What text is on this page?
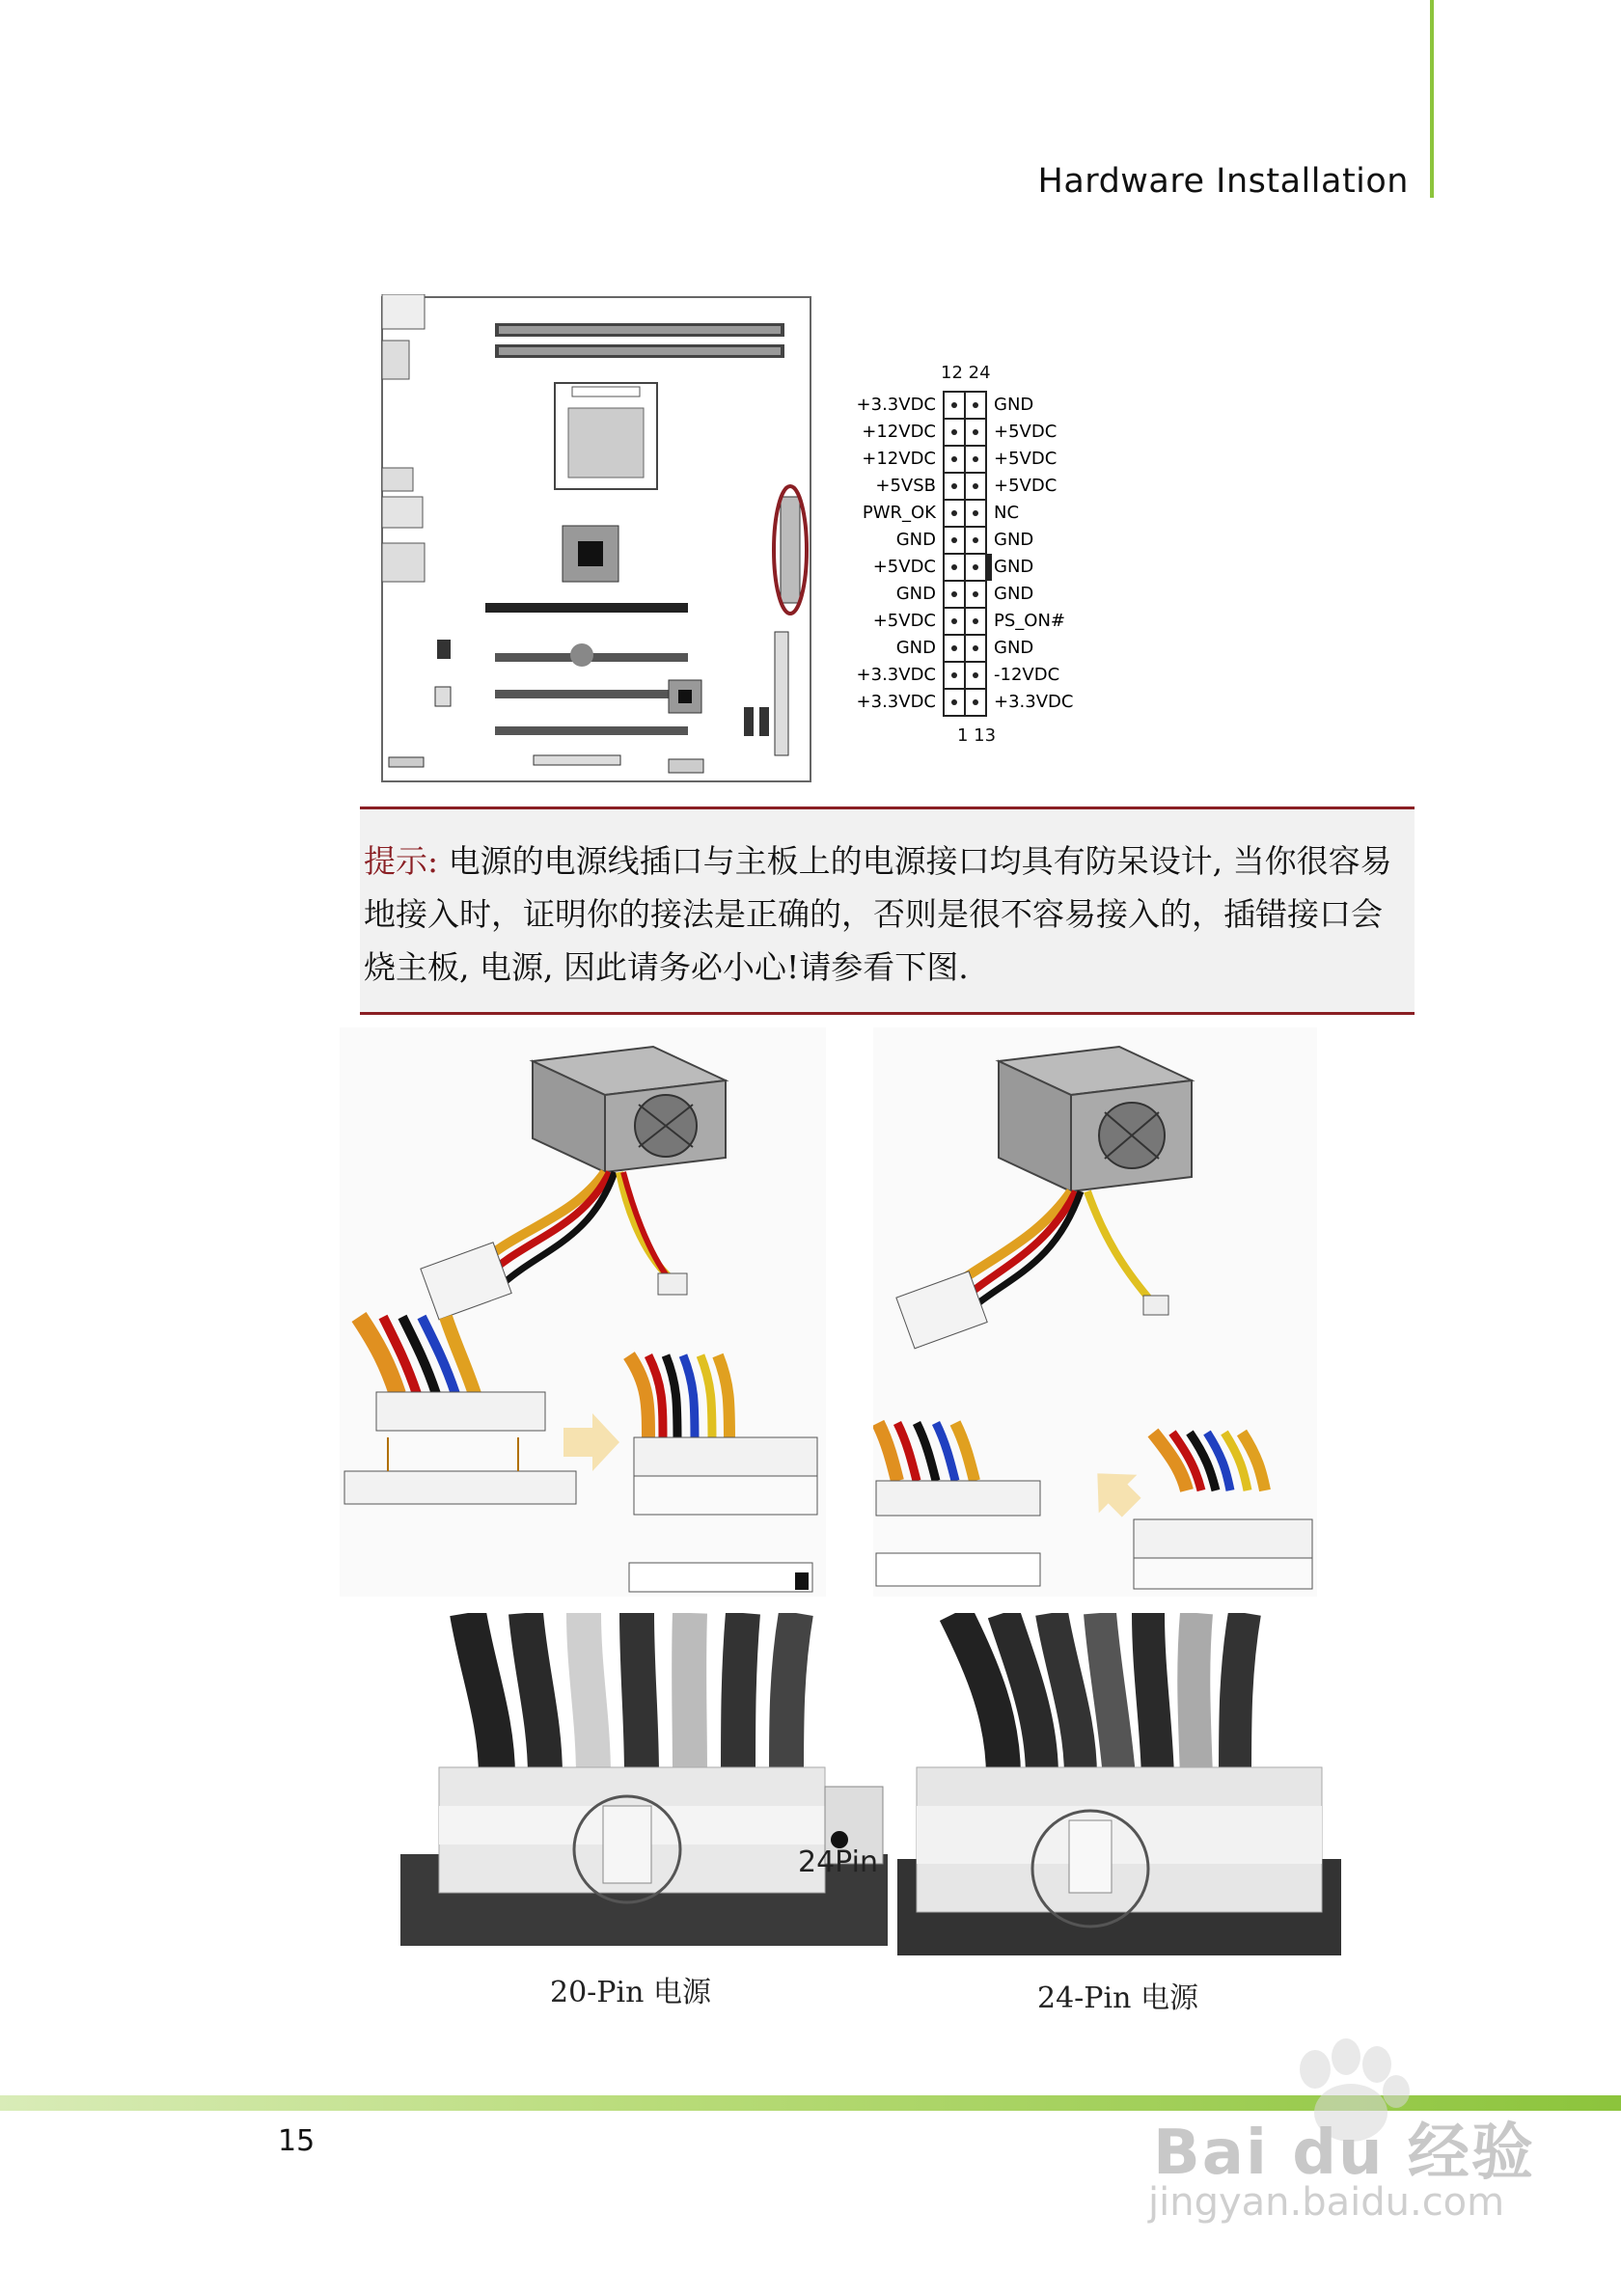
Hardware Installation
12 24
+3.3VDC	GND
+12VDC	+5VDC
+12VDC	+5VDC
+5VSB	+5VDC
PWR_OK	NC
GND	GND
+5VDC	GND
GND	GND
+5VDC	PS_ON#
GND	GND
+3.3VDC	-12VDC
+3.3VDC	+3.3VDC
1 13

提示: 电源的电源线插口与主板上的电源接口均具有防呆设计, 当你很容易地接入时，证明你的接法是正确的，否则是很不容易接入的，插错接口会烧主板, 电源, 因此请务必小心!请参看下图.

24Pin
20-Pin 电源	24-Pin 电源
15	Bai du 经验
jingyan.baidu.com
